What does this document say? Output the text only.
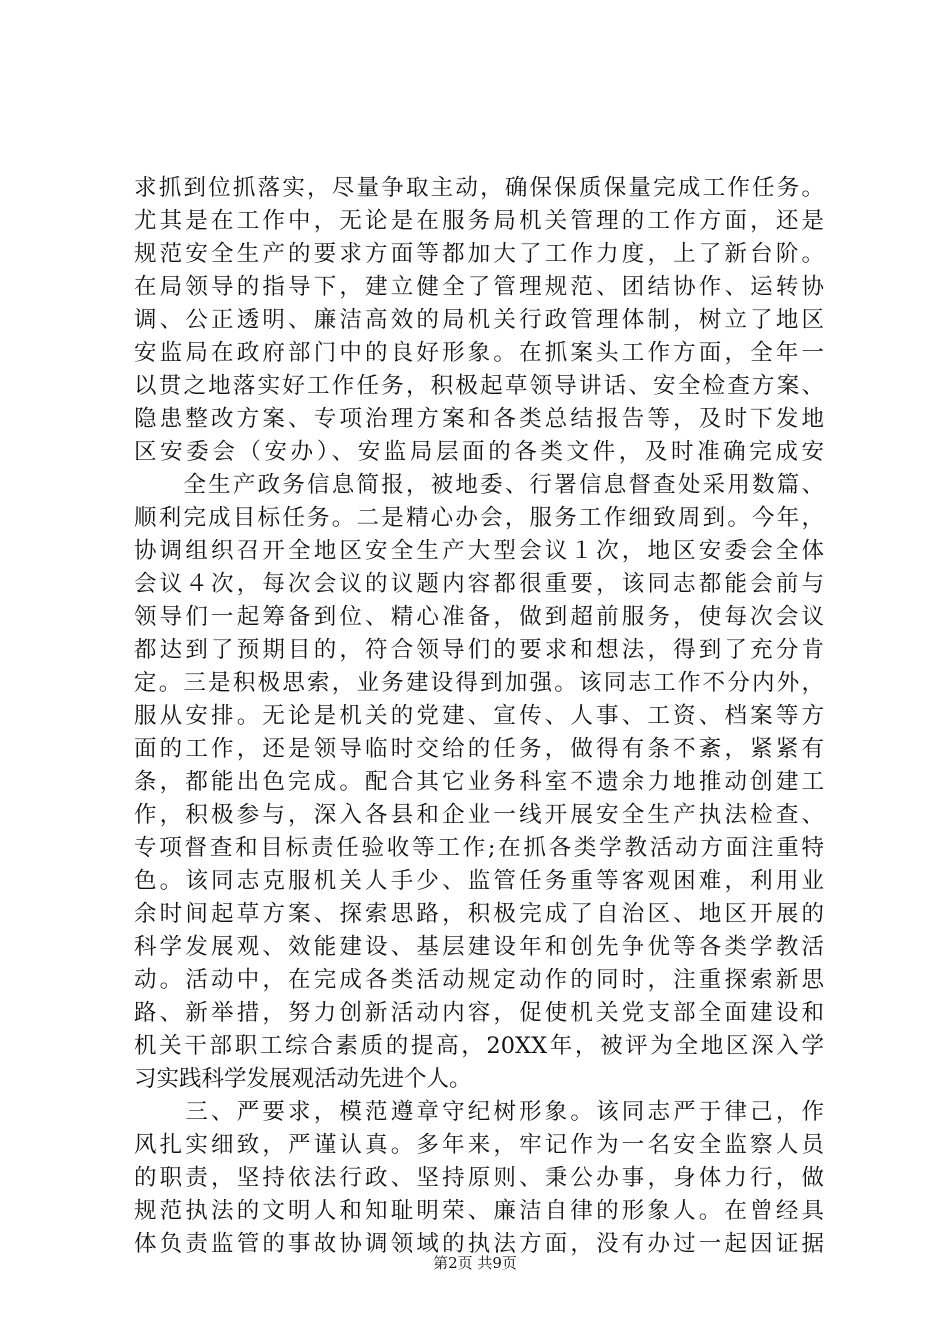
求抓到位抓落实，尽量争取主动，确保保质保量完成工作任务。
尤其是在工作中，无论是在服务局机关管理的工作方面，还是
规范安全生产的要求方面等都加大了工作力度，上了新台阶。
在局领导的指导下，建立健全了管理规范、团结协作、运转协
调、公正透明、廉洁高效的局机关行政管理体制，树立了地区
安监局在政府部门中的良好形象。在抓案头工作方面，全年一
以贯之地落实好工作任务，积极起草领导讲话、安全检查方案、
隐患整改方案、专项治理方案和各类总结报告等，及时下发地
区安委会（安办）、安监局层面的各类文件，及时准确完成安
　　全生产政务信息简报，被地委、行署信息督查处采用数篇、
顺利完成目标任务。二是精心办会，服务工作细致周到。今年，
协调组织召开全地区安全生产大型会议１次，地区安委会全体
会议４次，每次会议的议题内容都很重要，该同志都能会前与
领导们一起筹备到位、精心准备，做到超前服务，使每次会议
都达到了预期目的，符合领导们的要求和想法，得到了充分肯
定。三是积极思索，业务建设得到加强。该同志工作不分内外，
服从安排。无论是机关的党建、宣传、人事、工资、档案等方
面的工作，还是领导临时交给的任务，做得有条不紊，紧紧有
条，都能出色完成。配合其它业务科室不遗余力地推动创建工
作，积极参与，深入各县和企业一线开展安全生产执法检查、
专项督查和目标责任验收等工作;在抓各类学教活动方面注重特
色。该同志克服机关人手少、监管任务重等客观困难，利用业
余时间起草方案、探索思路，积极完成了自治区、地区开展的
科学发展观、效能建设、基层建设年和创先争优等各类学教活
动。活动中，在完成各类活动规定动作的同时，注重探索新思
路、新举措，努力创新活动内容，促使机关党支部全面建设和
机关干部职工综合素质的提高，20XX年，被评为全地区深入学
习实践科学发展观活动先进个人。
　　三、严要求，模范遵章守纪树形象。该同志严于律己，作
风扎实细致，严谨认真。多年来，牢记作为一名安全监察人员
的职责，坚持依法行政、坚持原则、秉公办事，身体力行，做
规范执法的文明人和知耻明荣、廉洁自律的形象人。在曾经具
体负责监管的事故协调领域的执法方面，没有办过一起因证据
第2页 共9页
